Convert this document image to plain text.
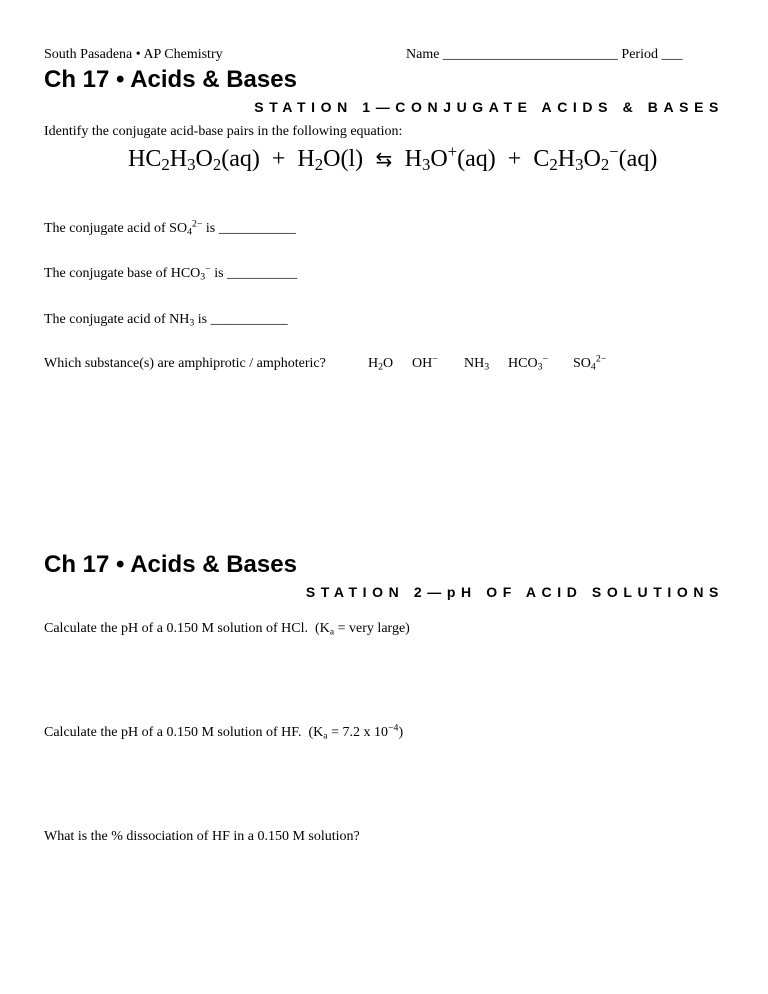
South Pasadena • AP Chemistry	Name _________________________ Period ___
Ch 17 • Acids & Bases
STATION 1—CONJUGATE ACIDS & BASES
Identify the conjugate acid-base pairs in the following equation:
$HC_2H_3O_2(aq) + H_2O(l)$  ⇆  $H_3O^+(aq) + C_2H_3O_2^-(aq)$
The conjugate acid of $SO_4^{2-}$ is ___________
The conjugate base of $HCO_3^-$ is __________
The conjugate acid of $NH_3$ is ___________
Which substance(s) are amphiprotic / amphoteric?	$H_2O$ OH− $NH_3$ $HCO_3^-$ $SO_4^{2-}$
Ch 17 • Acids & Bases
STATION 2—pH OF ACID SOLUTIONS
Calculate the pH of a 0.150 M solution of HCl.  ($K_a$ = very large)
Calculate the pH of a 0.150 M solution of HF.  ($K_a = 7.2$ x $10^{-4}$)
What is the % dissociation of HF in a 0.150 M solution?
